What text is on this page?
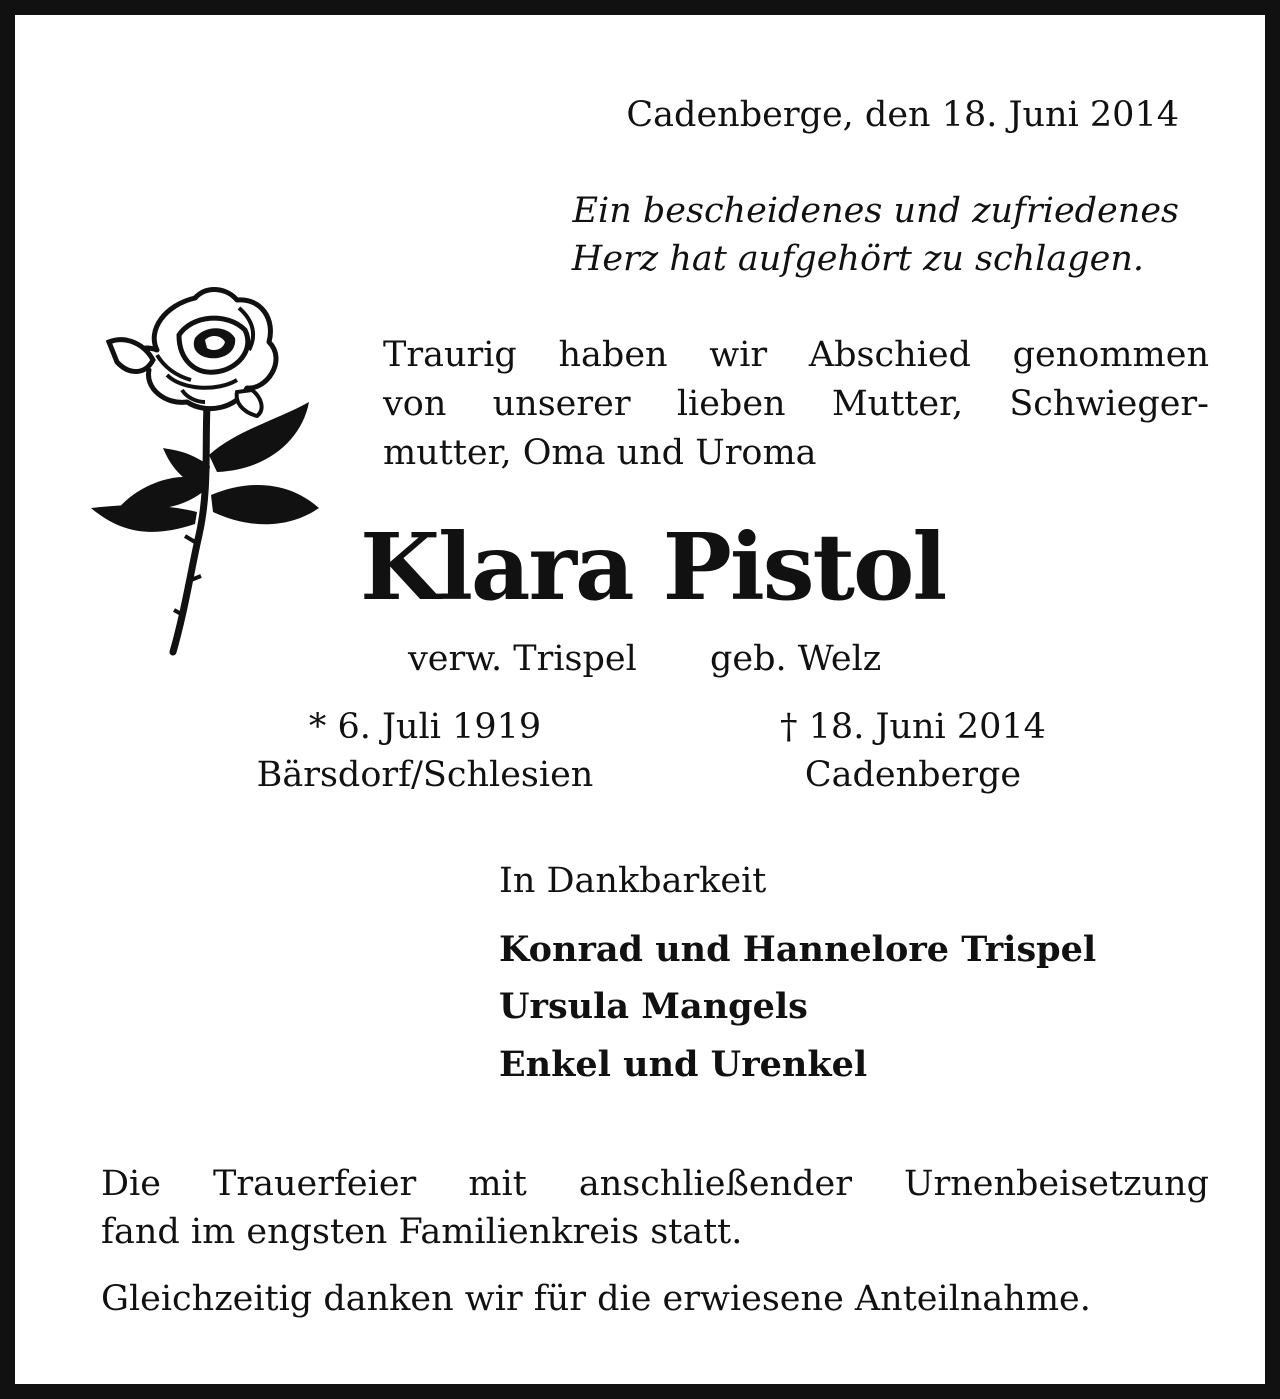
Cadenberge, den 18. Juni 2014
Ein bescheidenes und zufriedenes
Herz hat aufgehört zu schlagen.
Traurig haben wir Abschied genommen
von unserer lieben Mutter, Schwieger-
mutter, Oma und Uroma
Klara Pistol
verw. Trispel geb. Welz
* 6. Juli 1919
Bärsdorf/Schlesien
† 18. Juni 2014
Cadenberge
In Dankbarkeit
Konrad und Hannelore Trispel
Ursula Mangels
Enkel und Urenkel
Die Trauerfeier mit anschließender Urnenbeisetzung
fand im engsten Familienkreis statt.
Gleichzeitig danken wir für die erwiesene Anteilnahme.
